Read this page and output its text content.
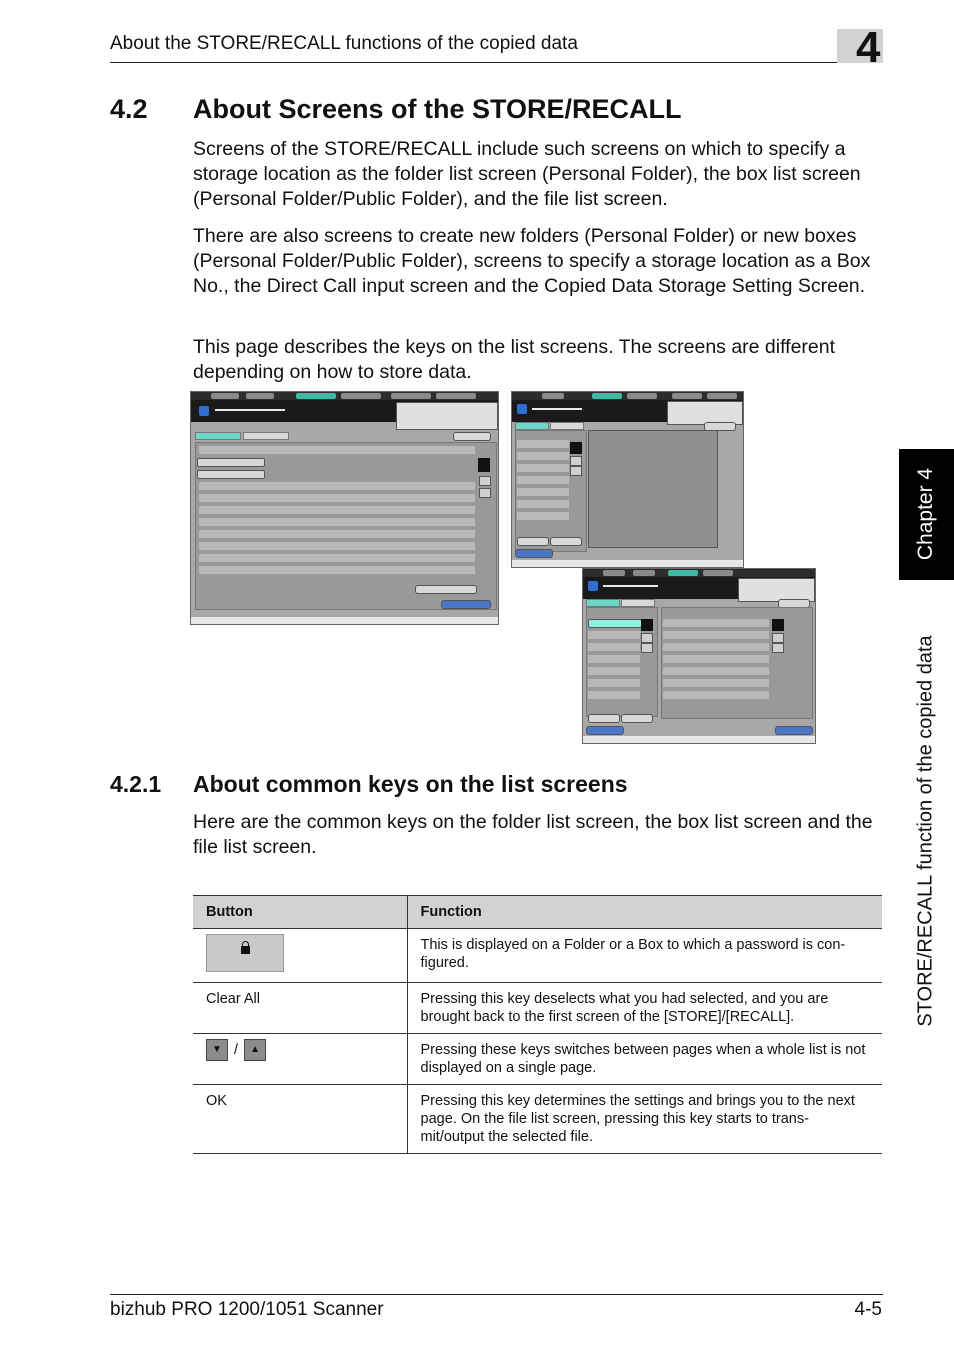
About the STORE/RECALL functions of the copied data	4
4.2 About Screens of the STORE/RECALL

Screens of the STORE/RECALL include such screens on which to specify a storage location as the folder list screen (Personal Folder), the box list screen (Personal Folder/Public Folder), and the file list screen.

There are also screens to create new folders (Personal Folder) or new boxes (Personal Folder/Public Folder), screens to specify a storage location as a Box No., the Direct Call input screen and the Copied Data Storage Setting Screen.

This page describes the keys on the list screens. The screens are different depending on how to store data.

4.2.1 About common keys on the list screens

Here are the common keys on the folder list screen, the box list screen and the file list screen.

Button	Function

	This is displayed on a Folder or a Box to which a password is con-figured.
Clear All	Pressing this key deselects what you had selected, and you are brought back to the first screen of the [STORE]/[RECALL].
▼ / ▲	Pressing these keys switches between pages when a whole list is not displayed on a single page.
OK	Pressing this key determines the settings and brings you to the next page. On the file list screen, pressing this key starts to trans-mit/output the selected file.
Chapter 4
STORE/RECALL function of the copied data
bizhub PRO 1200/1051 Scanner	4-5
